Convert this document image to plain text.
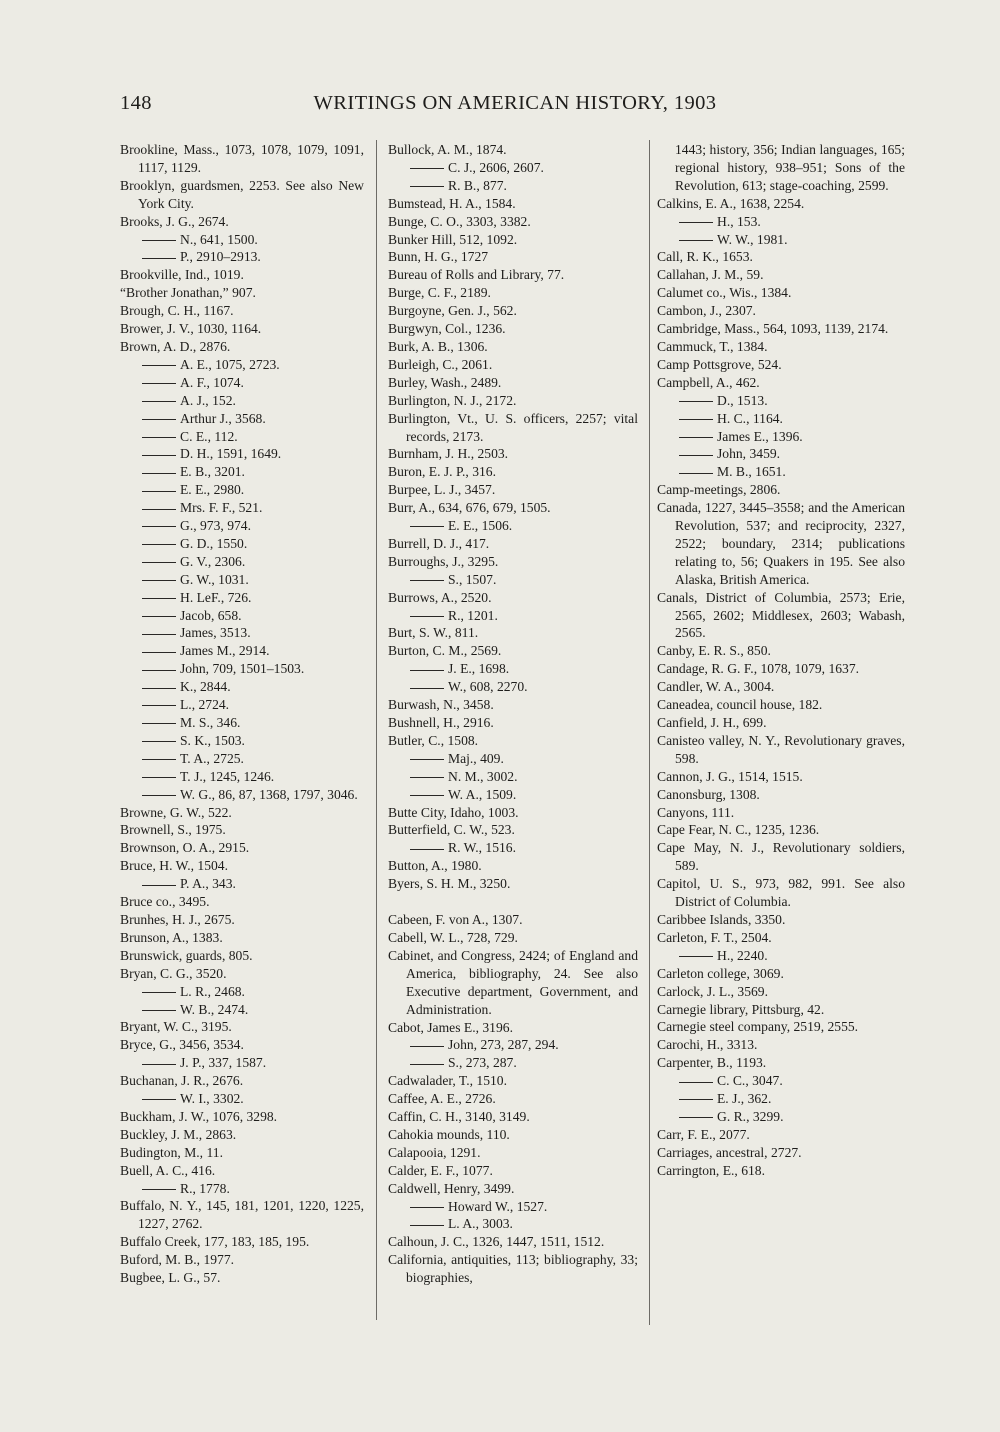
148	WRITINGS ON AMERICAN HISTORY, 1903

Brookline, Mass., 1073, 1078, 1079, 1091, 1117, 1129.

Brooklyn, guardsmen, 2253. See also New York City.

Brooks, J. G., 2674.

N., 641, 1500.

P., 2910–2913.

Brookville, Ind., 1019.

“Brother Jonathan,” 907.

Brough, C. H., 1167.

Brower, J. V., 1030, 1164.

Brown, A. D., 2876.

A. E., 1075, 2723.

A. F., 1074.

A. J., 152.

Arthur J., 3568.

C. E., 112.

D. H., 1591, 1649.

E. B., 3201.

E. E., 2980.

Mrs. F. F., 521.

G., 973, 974.

G. D., 1550.

G. V., 2306.

G. W., 1031.

H. LeF., 726.

Jacob, 658.

James, 3513.

James M., 2914.

John, 709, 1501–1503.

K., 2844.

L., 2724.

M. S., 346.

S. K., 1503.

T. A., 2725.

T. J., 1245, 1246.

W. G., 86, 87, 1368, 1797, 3046.

Browne, G. W., 522.

Brownell, S., 1975.

Brownson, O. A., 2915.

Bruce, H. W., 1504.

P. A., 343.

Bruce co., 3495.

Brunhes, H. J., 2675.

Brunson, A., 1383.

Brunswick, guards, 805.

Bryan, C. G., 3520.

L. R., 2468.

W. B., 2474.

Bryant, W. C., 3195.

Bryce, G., 3456, 3534.

J. P., 337, 1587.

Buchanan, J. R., 2676.

W. I., 3302.

Buckham, J. W., 1076, 3298.

Buckley, J. M., 2863.

Budington, M., 11.

Buell, A. C., 416.

R., 1778.

Buffalo, N. Y., 145, 181, 1201, 1220, 1225, 1227, 2762.

Buffalo Creek, 177, 183, 185, 195.

Buford, M. B., 1977.

Bugbee, L. G., 57.

Bullock, A. M., 1874.

C. J., 2606, 2607.

R. B., 877.

Bumstead, H. A., 1584.

Bunge, C. O., 3303, 3382.

Bunker Hill, 512, 1092.

Bunn, H. G., 1727

Bureau of Rolls and Library, 77.

Burge, C. F., 2189.

Burgoyne, Gen. J., 562.

Burgwyn, Col., 1236.

Burk, A. B., 1306.

Burleigh, C., 2061.

Burley, Wash., 2489.

Burlington, N. J., 2172.

Burlington, Vt., U. S. officers, 2257; vital records, 2173.

Burnham, J. H., 2503.

Buron, E. J. P., 316.

Burpee, L. J., 3457.

Burr, A., 634, 676, 679, 1505.

E. E., 1506.

Burrell, D. J., 417.

Burroughs, J., 3295.

S., 1507.

Burrows, A., 2520.

R., 1201.

Burt, S. W., 811.

Burton, C. M., 2569.

J. E., 1698.

W., 608, 2270.

Burwash, N., 3458.

Bushnell, H., 2916.

Butler, C., 1508.

Maj., 409.

N. M., 3002.

W. A., 1509.

Butte City, Idaho, 1003.

Butterfield, C. W., 523.

R. W., 1516.

Button, A., 1980.

Byers, S. H. M., 3250.

Cabeen, F. von A., 1307.

Cabell, W. L., 728, 729.

Cabinet, and Congress, 2424; of England and America, bibliography, 24. See also Executive department, Government, and Administration.

Cabot, James E., 3196.

John, 273, 287, 294.

S., 273, 287.

Cadwalader, T., 1510.

Caffee, A. E., 2726.

Caffin, C. H., 3140, 3149.

Cahokia mounds, 110.

Calapooia, 1291.

Calder, E. F., 1077.

Caldwell, Henry, 3499.

Howard W., 1527.

L. A., 3003.

Calhoun, J. C., 1326, 1447, 1511, 1512.

California, antiquities, 113; bibliography, 33; biographies,

1443; history, 356; Indian languages, 165; regional history, 938–951; Sons of the Revolution, 613; stage-coaching, 2599.

Calkins, E. A., 1638, 2254.

H., 153.

W. W., 1981.

Call, R. K., 1653.

Callahan, J. M., 59.

Calumet co., Wis., 1384.

Cambon, J., 2307.

Cambridge, Mass., 564, 1093, 1139, 2174.

Cammuck, T., 1384.

Camp Pottsgrove, 524.

Campbell, A., 462.

D., 1513.

H. C., 1164.

James E., 1396.

John, 3459.

M. B., 1651.

Camp-meetings, 2806.

Canada, 1227, 3445–3558; and the American Revolution, 537; and reciprocity, 2327, 2522; boundary, 2314; publications relating to, 56; Quakers in 195. See also Alaska, British America.

Canals, District of Columbia, 2573; Erie, 2565, 2602; Middlesex, 2603; Wabash, 2565.

Canby, E. R. S., 850.

Candage, R. G. F., 1078, 1079, 1637.

Candler, W. A., 3004.

Caneadea, council house, 182.

Canfield, J. H., 699.

Canisteo valley, N. Y., Revolutionary graves, 598.

Cannon, J. G., 1514, 1515.

Canonsburg, 1308.

Canyons, 111.

Cape Fear, N. C., 1235, 1236.

Cape May, N. J., Revolutionary soldiers, 589.

Capitol, U. S., 973, 982, 991. See also District of Columbia.

Caribbee Islands, 3350.

Carleton, F. T., 2504.

H., 2240.

Carleton college, 3069.

Carlock, J. L., 3569.

Carnegie library, Pittsburg, 42.

Carnegie steel company, 2519, 2555.

Carochi, H., 3313.

Carpenter, B., 1193.

C. C., 3047.

E. J., 362.

G. R., 3299.

Carr, F. E., 2077.

Carriages, ancestral, 2727.

Carrington, E., 618.
